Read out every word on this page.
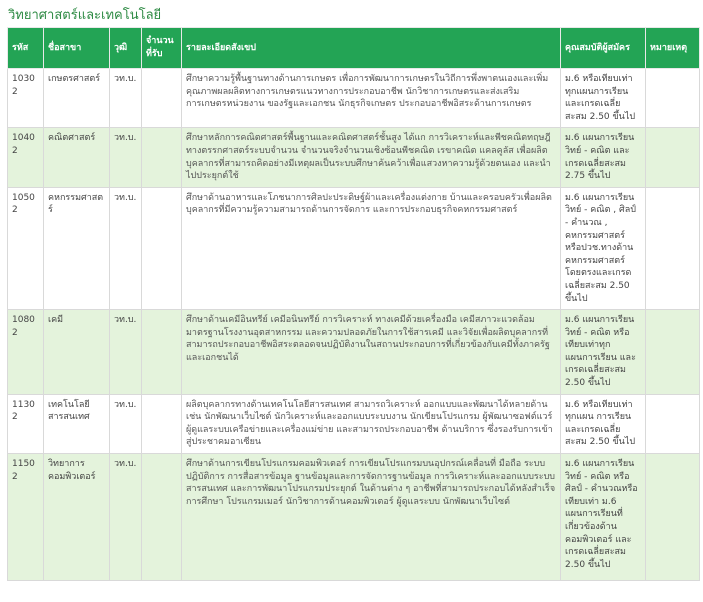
วิทยาศาสตร์และเทคโนโลยี
รหัส	ชื่อสาขา	วุฒิ	จำนวนที่รับ	รายละเอียดสังเขป	คุณสมบัติผู้สมัคร	หมายเหตุ
10302	เกษตรศาสตร์	วท.บ.		ศึกษาความรู้พื้นฐานทางด้านการเกษตร เพื่อการพัฒนาการเกษตรในวิถีการพึ่งพาตนเองและเพิ่มคุณภาพผลผลิตทางการเกษตรแนวทางการประกอบอาชีพ นักวิชาการเกษตรและส่งเสริมการเกษตรหน่วยงาน ของรัฐและเอกชน นักธุรกิจเกษตร ประกอบอาชีพอิสระด้านการเกษตร	ม.6 หรือเทียบเท่าทุกแผนการเรียน และเกรดเฉลี่ยสะสม 2.50 ขึ้นไป	
10402	คณิตศาสตร์	วท.บ.		ศึกษาหลักการคณิตศาสตร์พื้นฐานและคณิตศาสตร์ชั้นสูง ได้แก การวิเคราะห์และพีชคณิตทฤษฎีทางตรรกศาสตร์ระบบจำนวน จำนวนจริงจำนวนเชิงซ้อนพีชคณิต เรขาคณิต แคลคูลัส เพื่อผลิตบุคลากรที่สามารถคิดอย่างมีเหตุผลเป็นระบบศึกษาค้นคว้าเพื่อแสวงหาความรู้ด้วยตนเอง และนำไปประยุกต์ใช้	ม.6 แผนการเรียนวิทย์ - คณิต และเกรดเฉลี่ยสะสม 2.75 ขึ้นไป	
10502	คหกรรมศาสตร์	วท.บ.		ศึกษาด้านอาหารและโภชนาการศิลปะประดิษฐ์ผ้าและเครื่องแต่งกาย บ้านและครอบครัวเพื่อผลิตบุคลากรที่มีความรู้ความสามารถด้านการจัดการ และการประกอบธุรกิจคหกรรมศาสตร์	ม.6 แผนการเรียนวิทย์ - คณิต , ศิลป์ - คำนวณ , คหกรรมศาสตร์ หรือปวช.ทางด้านคหกรรมศาสตร์ โดยตรงและเกรดเฉลี่ยสะสม 2.50 ขึ้นไป	
10802	เคมี	วท.บ.		ศึกษาด้านเคมีอินทรีย์ เคมีอนินทรีย์ การวิเคราะห์ ทางเคมีด้วยเครื่องมือ เคมีสภาวะแวดล้อมมาตรฐานโรงงานอุตสาหกรรม และความปลอดภัยในการใช้สารเคมี และวิจัยเพื่อผลิตบุคลากรที่สามารถประกอบอาชีพอิสระตลอดจนปฏิบัติงานในสถานประกอบการที่เกี่ยวข้องกับเคมีทั้งภาครัฐและเอกชนได้	ม.6 แผนการเรียนวิทย์ - คณิต หรือเทียบเท่าทุกแผนการเรียน และเกรดเฉลี่ยสะสม 2.50 ขึ้นไป	
11302	เทคโนโลยีสารสนเทศ	วท.บ.		ผลิตบุคลากรทางด้านเทคโนโลยีสารสนเทศ สามารถวิเคราะห์ ออกแบบและพัฒนาได้หลายด้าน เช่น นักพัฒนาเว็บไซต์ นักวิเคราะห์และออกแบบระบบงาน นักเขียนโปรแกรม ผู้พัฒนาซอฟต์แวร์ ผู้ดูแลระบบเครือข่ายและเครื่องแม่ข่าย และสามารถประกอบอาชีพ ด้านบริการ ซึ่งรองรับการเข้าสู่ประชาคมอาเซียน	ม.6 หรือเทียบเท่าทุกแผน การเรียน และเกรดเฉลี่ยสะสม 2.50 ขึ้นไป	
11502	วิทยาการคอมพิวเตอร์	วท.บ.		ศึกษาด้านการเขียนโปรแกรมคอมพิวเตอร์ การเขียนโปรแกรมบนอุปกรณ์เคลื่อนที่ มือถือ ระบบปฏิบัติการ การสื่อสารข้อมูล ฐานข้อมูลและการจัดการฐานข้อมูล การวิเคราะห์และออกแบบระบบสารสนเทศ และการพัฒนาโปรแกรมประยุกต์ ในด้านต่าง ๆ อาชีพที่สามารถประกอบได้หลังสำเร็จการศึกษา โปรแกรมเมอร์ นักวิชาการด้านคอมพิวเตอร์ ผู้ดูแลระบบ นักพัฒนาเว็บไซต์	ม.6 แผนการเรียนวิทย์ - คณิต หรือศิลป์ - คำนวณหรือเทียบเท่า ม.6 แผนการเรียนที่เกี่ยวข้องด้านคอมพิวเตอร์ และเกรดเฉลี่ยสะสม 2.50 ขึ้นไป	
